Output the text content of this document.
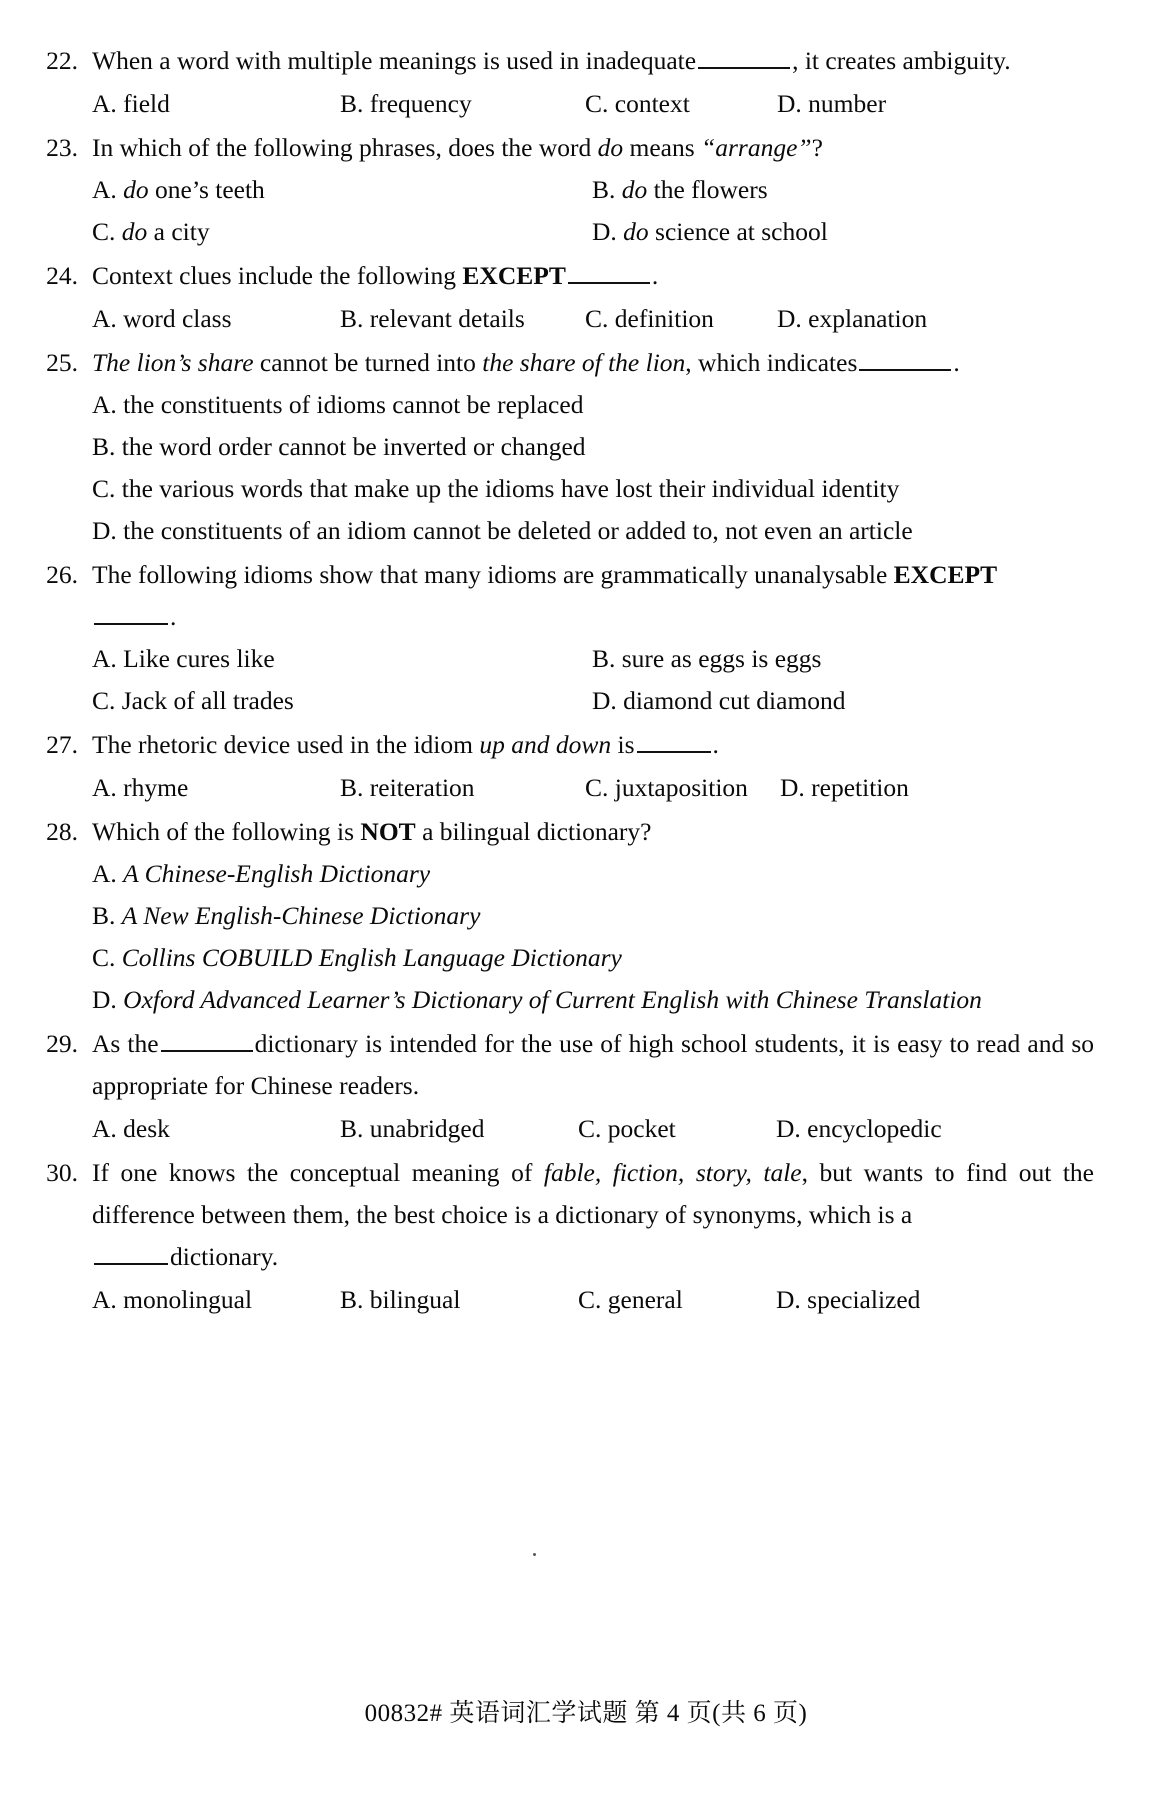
22. When a word with multiple meanings is used in inadequate	, it creates ambiguity.

A. field	B. frequency	C. context	D. number
23. In which of the following phrases, does the word do means “arrange”?

A. do one’s teeth	B. do the flowers
C. do a city	D. do science at school
24. Context clues include the following EXCEPT	.

A. word class	B. relevant details	C. definition	D. explanation
25. The lion’s share cannot be turned into the share of the lion, which indicates	.

A. the constituents of idioms cannot be replaced
B. the word order cannot be inverted or changed
C. the various words that make up the idioms have lost their individual identity
D. the constituents of an idiom cannot be deleted or added to, not even an article
26. The following idioms show that many idioms are grammatically unanalysable EXCEPT

.

A. Like cures like	B. sure as eggs is eggs
C. Jack of all trades	D. diamond cut diamond
27. The rhetoric device used in the idiom up and down is	.

A. rhyme	B. reiteration	C. juxtaposition	D. repetition
28. Which of the following is NOT a bilingual dictionary?

A. A Chinese-English Dictionary
B. A New English-Chinese Dictionary
C. Collins COBUILD English Language Dictionary
D. Oxford Advanced Learner’s Dictionary of Current English with Chinese Translation
29. As the	dictionary is intended for the use of high school students, it is easy to read and so appropriate for Chinese readers.

A. desk	B. unabridged	C. pocket	D. encyclopedic
30. If one knows the conceptual meaning of fable, fiction, story, tale, but wants to find out the difference between them, the best choice is a dictionary of synonyms, which is a

dictionary.

A. monolingual	B. bilingual	C. general	D. specialized
00832# 英语词汇学试题 第 4 页(共 6 页)
